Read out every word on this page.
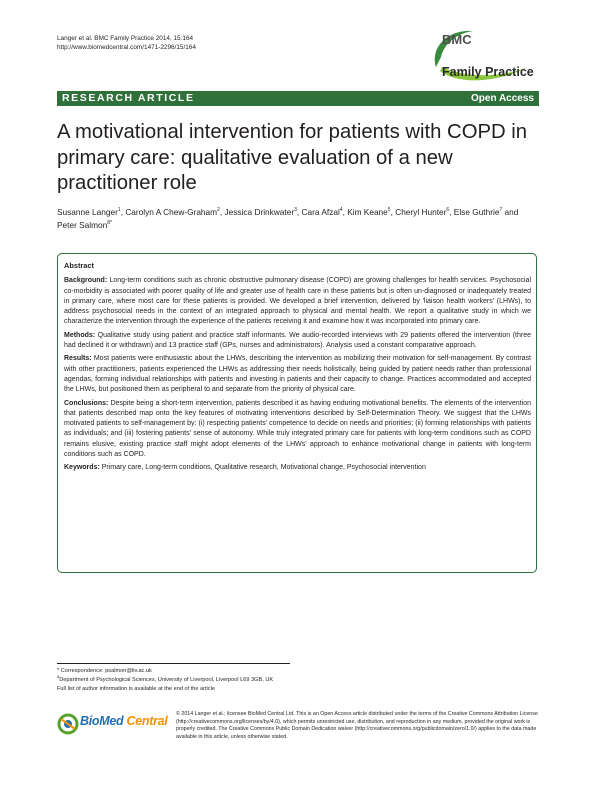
Langer et al. BMC Family Practice 2014, 15:164
http://www.biomedcentral.com/1471-2296/15/164
BMC
Family Practice
RESEARCH ARTICLE	Open Access
A motivational intervention for patients with COPD in primary care: qualitative evaluation of a new practitioner role
Susanne Langer$^1$, Carolyn A Chew-Graham$^2$, Jessica Drinkwater$^3$, Cara Afzal$^4$, Kim Keane$^5$, Cheryl Hunter$^6$, Else Guthrie$^7$ and Peter Salmon$^{8*}$
Abstract

Background: Long-term conditions such as chronic obstructive pulmonary disease (COPD) are growing challenges for health services. Psychosocial co-morbidity is associated with poorer quality of life and greater use of health care in these patients but is often un-diagnosed or inadequately treated in primary care, where most care for these patients is provided. We developed a brief intervention, delivered by 'liaison health workers' (LHWs), to address psychosocial needs in the context of an integrated approach to physical and mental health. We report a qualitative study in which we characterize the intervention through the experience of the patients receiving it and examine how it was incorporated into primary care.

Methods: Qualitative study using patient and practice staff informants. We audio-recorded interviews with 29 patients offered the intervention (three had declined it or withdrawn) and 13 practice staff (GPs, nurses and administrators). Analysis used a constant comparative approach.

Results: Most patients were enthusiastic about the LHWs, describing the intervention as mobilizing their motivation for self-management. By contrast with other practitioners, patients experienced the LHWs as addressing their needs holistically, being guided by patient needs rather than professional agendas, forming individual relationships with patients and investing in patients and their capacity to change. Practices accommodated and accepted the LHWs, but positioned them as peripheral to and separate from the priority of physical care.

Conclusions: Despite being a short-term intervention, patients described it as having enduring motivational benefits. The elements of the intervention that patients described map onto the key features of motivating interventions described by Self-Determination Theory. We suggest that the LHWs motivated patients to self-management by: (i) respecting patients' competence to decide on needs and priorities; (ii) forming relationships with patients as individuals; and (iii) fostering patients' sense of autonomy. While truly integrated primary care for patients with long-term conditions such as COPD remains elusive, existing practice staff might adopt elements of the LHWs' approach to enhance motivational change in patients with long-term conditions such as COPD.

Keywords: Primary care, Long-term conditions, Qualitative research, Motivational change, Psychosocial intervention

* Correspondence: psalmon@liv.ac.uk
$^8$Department of Psychological Sciences, University of Liverpool, Liverpool L69 3GB, UK
Full list of author information is available at the end of the article
BioMed Central © 2014 Langer et al.; licensee BioMed Central Ltd. This is an Open Access article distributed under the terms of the Creative Commons Attribution License (http://creativecommons.org/licenses/by/4.0), which permits unrestricted use, distribution, and reproduction in any medium, provided the original work is properly credited. The Creative Commons Public Domain Dedication waiver (http://creativecommons.org/publicdomain/zero/1.0/) applies to the data made available in this article, unless otherwise stated.
